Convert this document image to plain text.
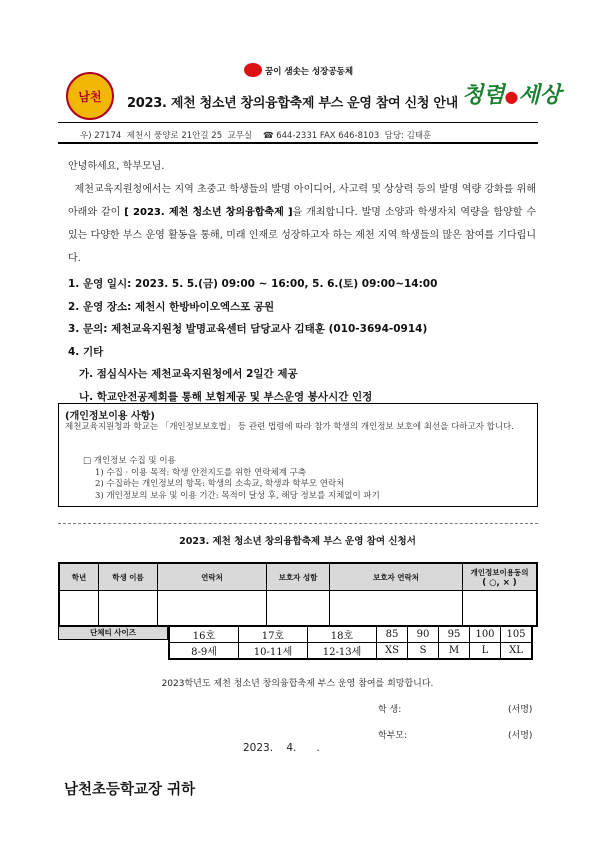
남천
꿈이 샘솟는 성장공동체
2023. 제천 청소년 창의융합축제 부스 운영 참여 신청 안내 청렴●세상
우) 27174  제천시 풍양로 21안길 25  교무실    ☎ 644-2331 FAX 646-8103  담당: 김태훈
안녕하세요, 학부모님.
제천교육지원청에서는 지역 초중고 학생들의 발명 아이디어, 사고력 및 상상력 등의 발명 역량 강화를 위해 아래와 같이 [ 2023. 제천 청소년 창의융합축제 ]을 개최합니다. 발명 소양과 학생자치 역량을 함양할 수 있는 다양한 부스 운영 활동을 통해, 미래 인재로 성장하고자 하는 제천 지역 학생들의 많은 참여를 기다립니다.
1. 운영 일시: 2023. 5. 5.(금) 09:00 ~ 16:00, 5. 6.(토) 09:00~14:00
2. 운영 장소: 제천시 한방바이오엑스포 공원
3. 문의: 제천교육지원청 발명교육센터 담당교사 김태훈 (010-3694-0914)
4. 기타
가. 점심식사는 제천교육지원청에서 2일간 제공
나. 학교안전공제회를 통해 보험제공 및 부스운영 봉사시간 인정
(개인정보이용 사항)
제천교육지원청과 학교는 「개인정보보호법」 등 관련 법령에 따라 참가 학생의 개인정보 보호에 최선을 다하고자 합니다.
□ 개인정보 수집 및 이용
1) 수집 · 이용 목적: 학생 안전지도를 위한 연락체계 구축
2) 수집하는 개인정보의 항목: 학생의 소속교, 학생과 학부모 연락처
3) 개인정보의 보유 및 이용 기간: 목적이 달성 후, 해당 정보를 지체없이 파기
2023. 제천 청소년 창의융합축제 부스 운영 참여 신청서
학년	학생 이름	연락처	보호자 성함	보호자 연락처	개인정보이용동의
( ○, × )

단체티 사이즈	16호	17호	18호	85	90	95	100	105
8-9세	10-11세	12-13세	XS	S	M	L	XL
2023학년도 제천 청소년 창의융합축제 부스 운영 참여를 희망합니다.
학 생:	(서명)
학부모:	(서명)
2023.    4.      .
남천초등학교장 귀하
